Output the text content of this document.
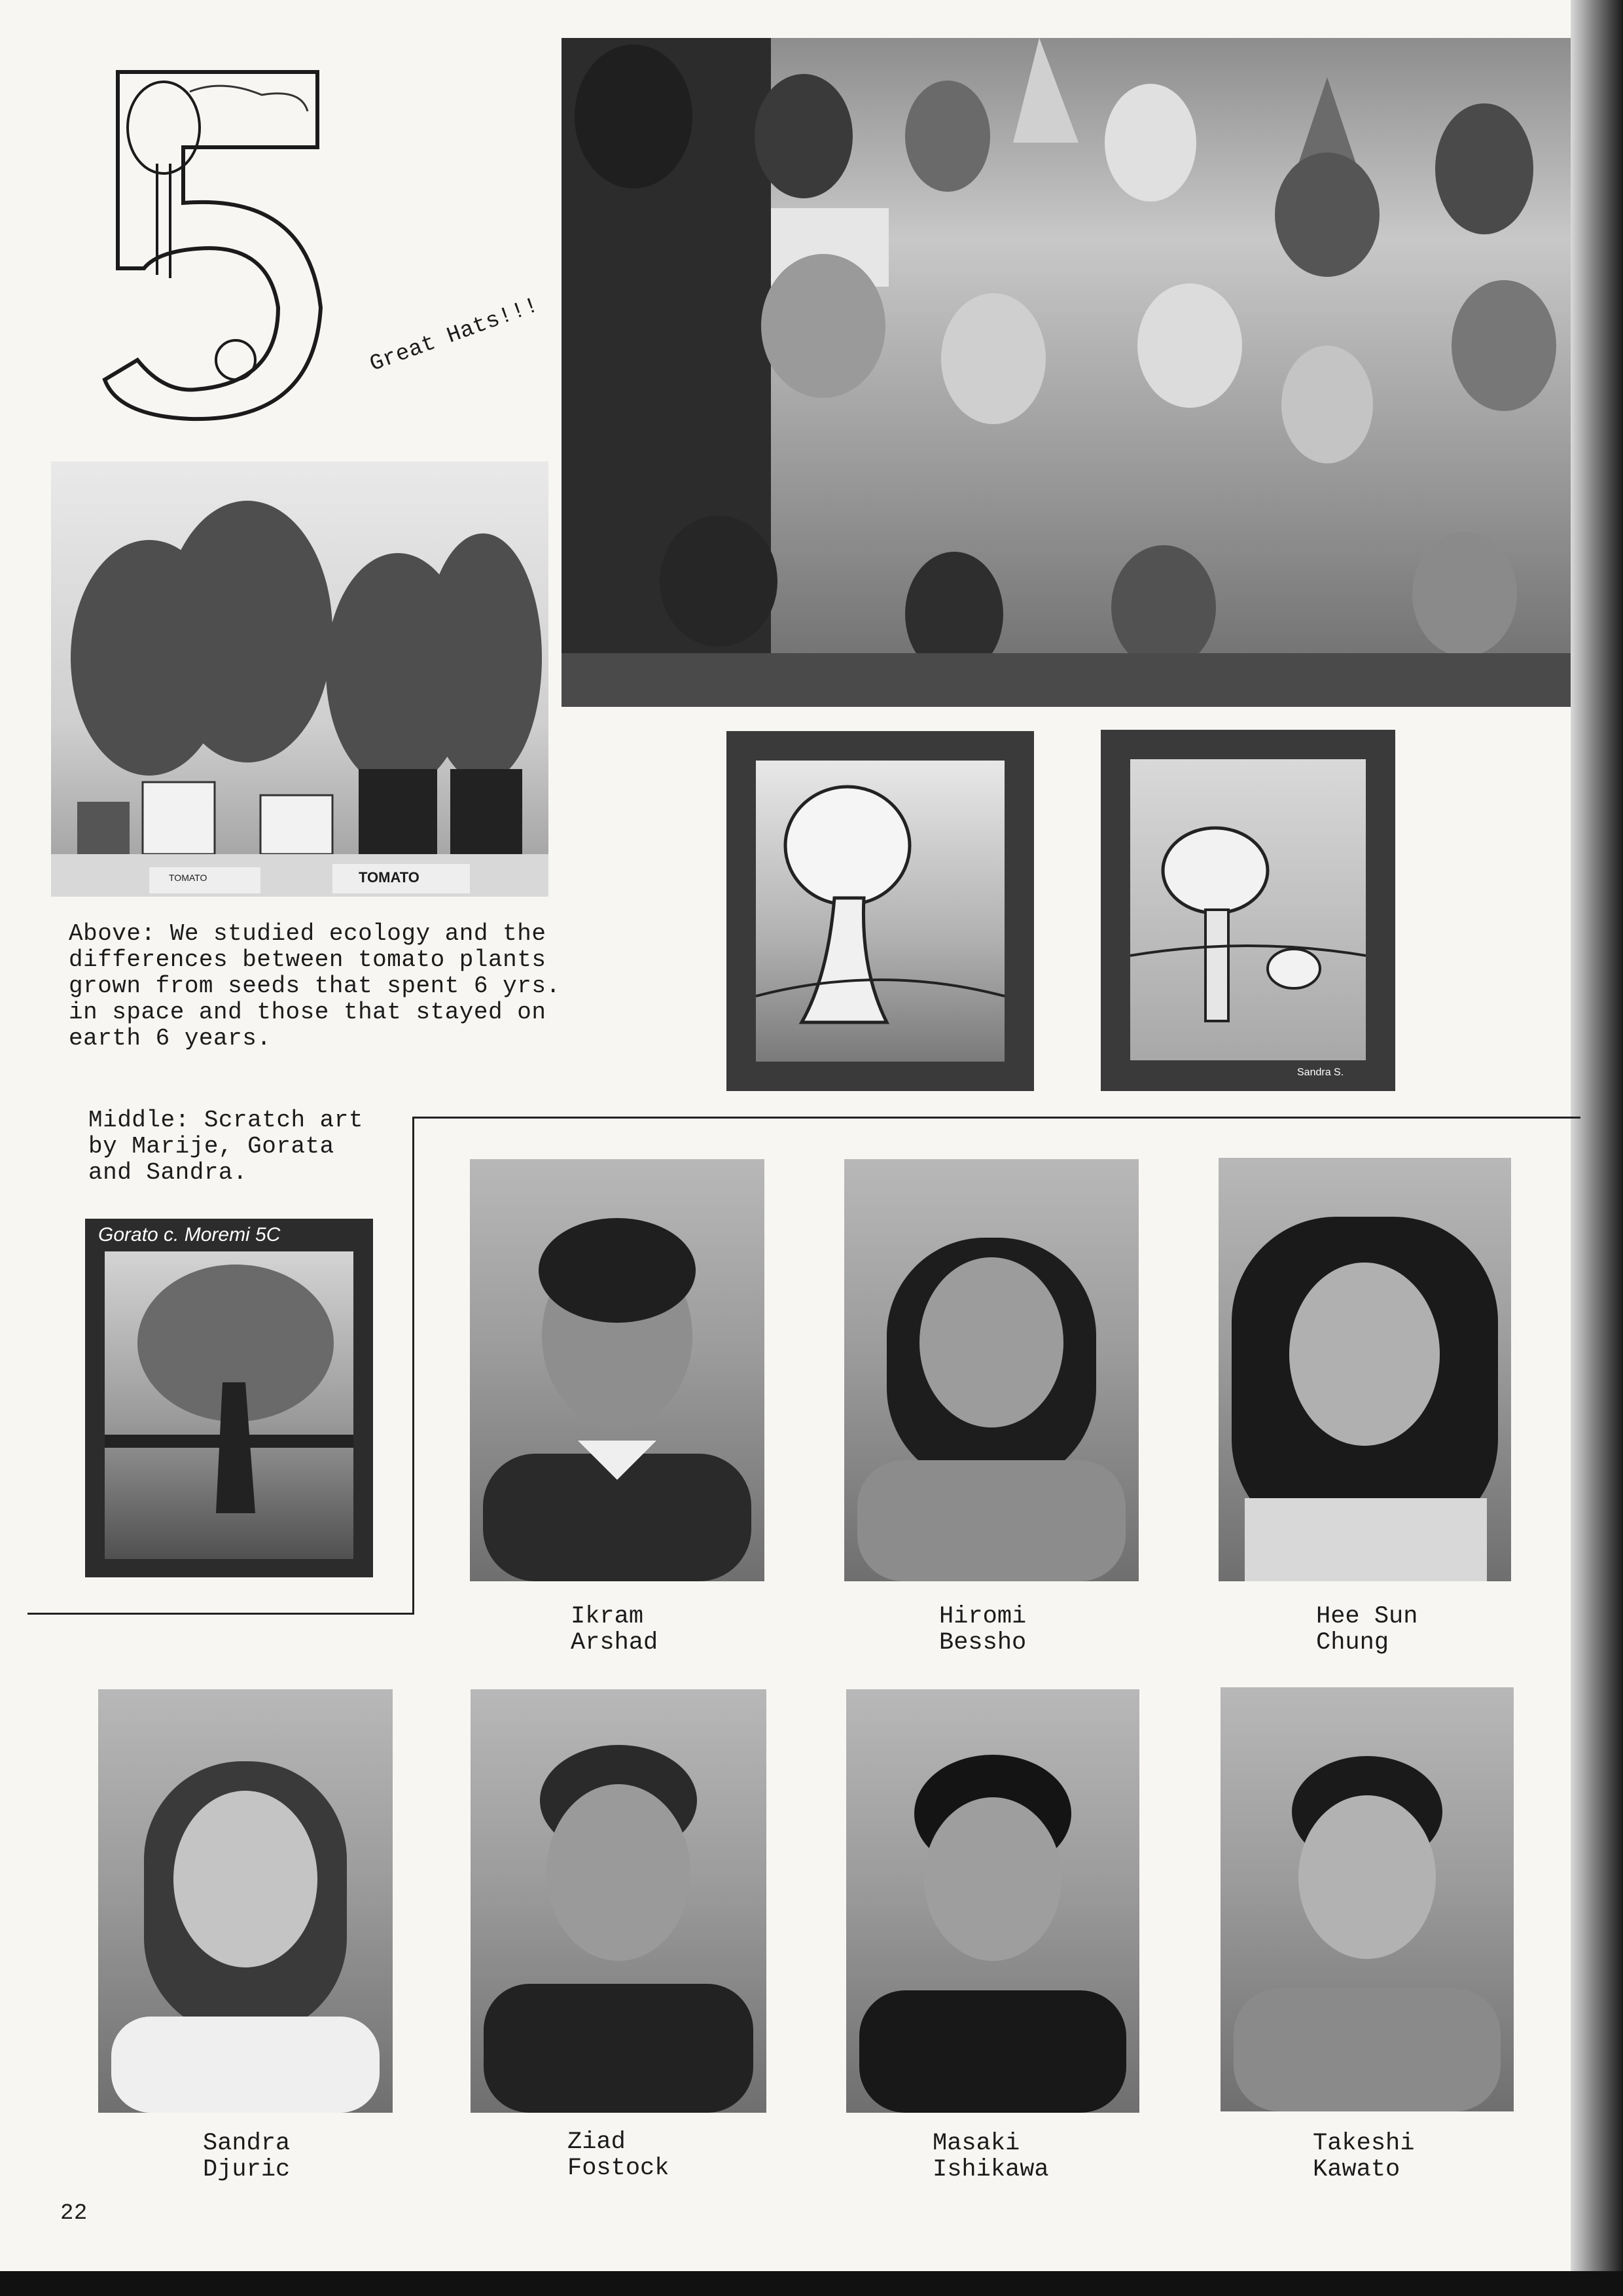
Great Hats!!!
TOMATO	TOMATO
Above: We studied ecology and the
differences between tomato plants
grown from seeds that spent 6 yrs.
in space and those that stayed on
earth 6 years.
Sandra S.
Middle: Scratch art
by Marije, Gorata
and Sandra.
Gorato c. Moremi 5C
Ikram
Arshad
Hiromi
Bessho
Hee Sun
Chung
Sandra
Djuric
Ziad
Fostock
Masaki
Ishikawa
Takeshi
Kawato
22
